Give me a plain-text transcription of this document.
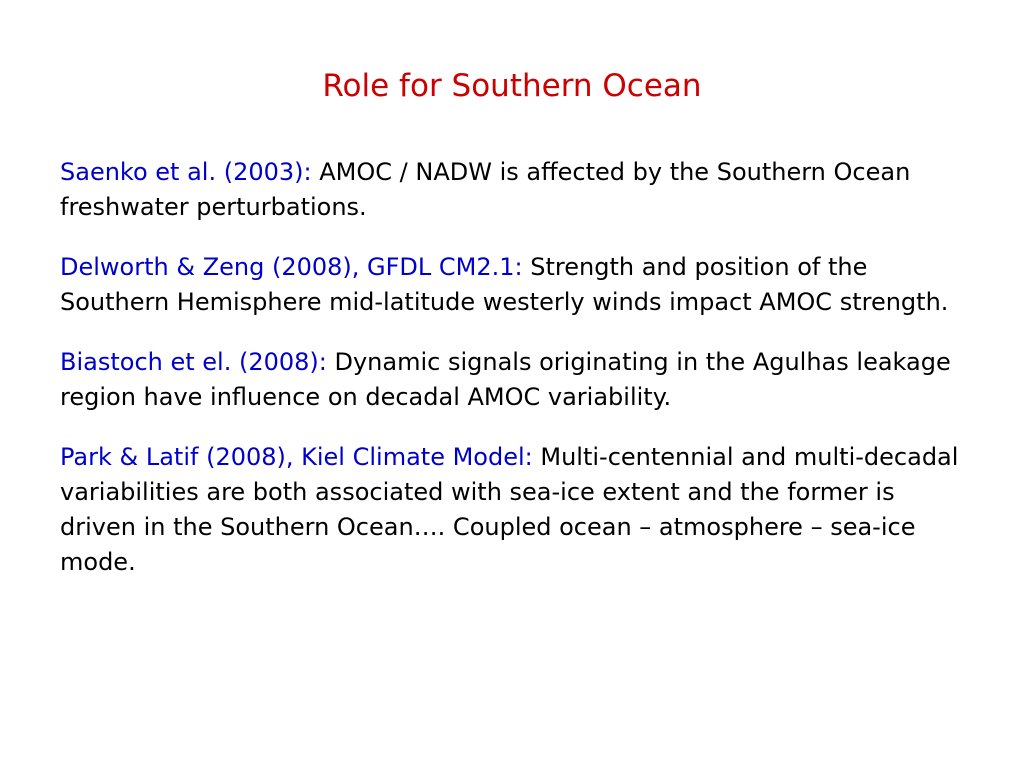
Role for Southern Ocean

Saenko et al. (2003): AMOC / NADW is affected by the Southern Ocean freshwater perturbations.

Delworth & Zeng (2008), GFDL CM2.1: Strength and position of the Southern Hemisphere mid-latitude westerly winds impact AMOC strength.

Biastoch et el. (2008): Dynamic signals originating in the Agulhas leakage region have influence on decadal AMOC variability.

Park & Latif (2008), Kiel Climate Model: Multi-centennial and multi-decadal variabilities are both associated with sea-ice extent and the former is driven in the Southern Ocean…. Coupled ocean – atmosphere – sea-ice mode.
